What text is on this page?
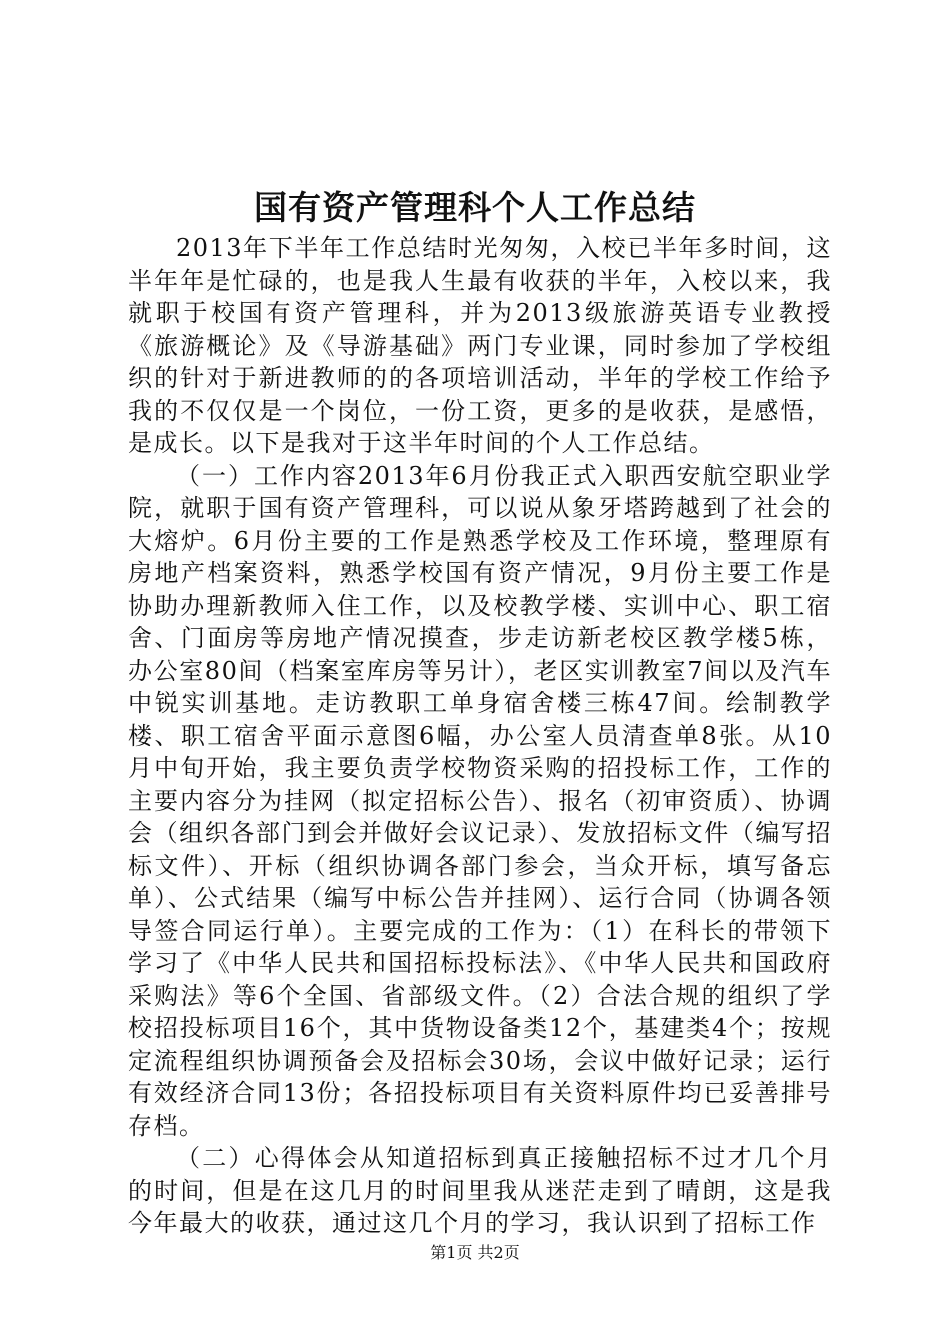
国有资产管理科个人工作总结

2013年下半年工作总结时光匆匆，入校已半年多时间，这半年年是忙碌的，也是我人生最有收获的半年，入校以来，我就职于校国有资产管理科，并为2013级旅游英语专业教授《旅游概论》及《导游基础》两门专业课，同时参加了学校组织的针对于新进教师的的各项培训活动，半年的学校工作给予我的不仅仅是一个岗位，一份工资，更多的是收获，是感悟，是成长。以下是我对于这半年时间的个人工作总结。

（一）工作内容2013年6月份我正式入职西安航空职业学院，就职于国有资产管理科，可以说从象牙塔跨越到了社会的大熔炉。6月份主要的工作是熟悉学校及工作环境，整理原有房地产档案资料，熟悉学校国有资产情况，9月份主要工作是协助办理新教师入住工作，以及校教学楼、实训中心、职工宿舍、门面房等房地产情况摸查，步走访新老校区教学楼5栋，办公室80间（档案室库房等另计），老区实训教室7间以及汽车中锐实训基地。走访教职工单身宿舍楼三栋47间。绘制教学楼、职工宿舍平面示意图6幅，办公室人员清查单8张。从10月中旬开始，我主要负责学校物资采购的招投标工作，工作的主要内容分为挂网（拟定招标公告）、报名（初审资质）、协调会（组织各部门到会并做好会议记录）、发放招标文件（编写招标文件）、开标（组织协调各部门参会，当众开标，填写备忘单）、公式结果（编写中标公告并挂网）、运行合同（协调各领导签合同运行单）。主要完成的工作为：（1）在科长的带领下学习了《中华人民共和国招标投标法》、《中华人民共和国政府采购法》等6个全国、省部级文件。（2）合法合规的组织了学校招投标项目16个，其中货物设备类12个，基建类4个；按规定流程组织协调预备会及招标会30场，会议中做好记录；运行有效经济合同13份；各招投标项目有关资料原件均已妥善排号存档。

（二）心得体会从知道招标到真正接触招标不过才几个月的时间，但是在这几月的时间里我从迷茫走到了晴朗，这是我今年最大的收获，通过这几个月的学习，我认识到了招标工作

第1页 共2页
